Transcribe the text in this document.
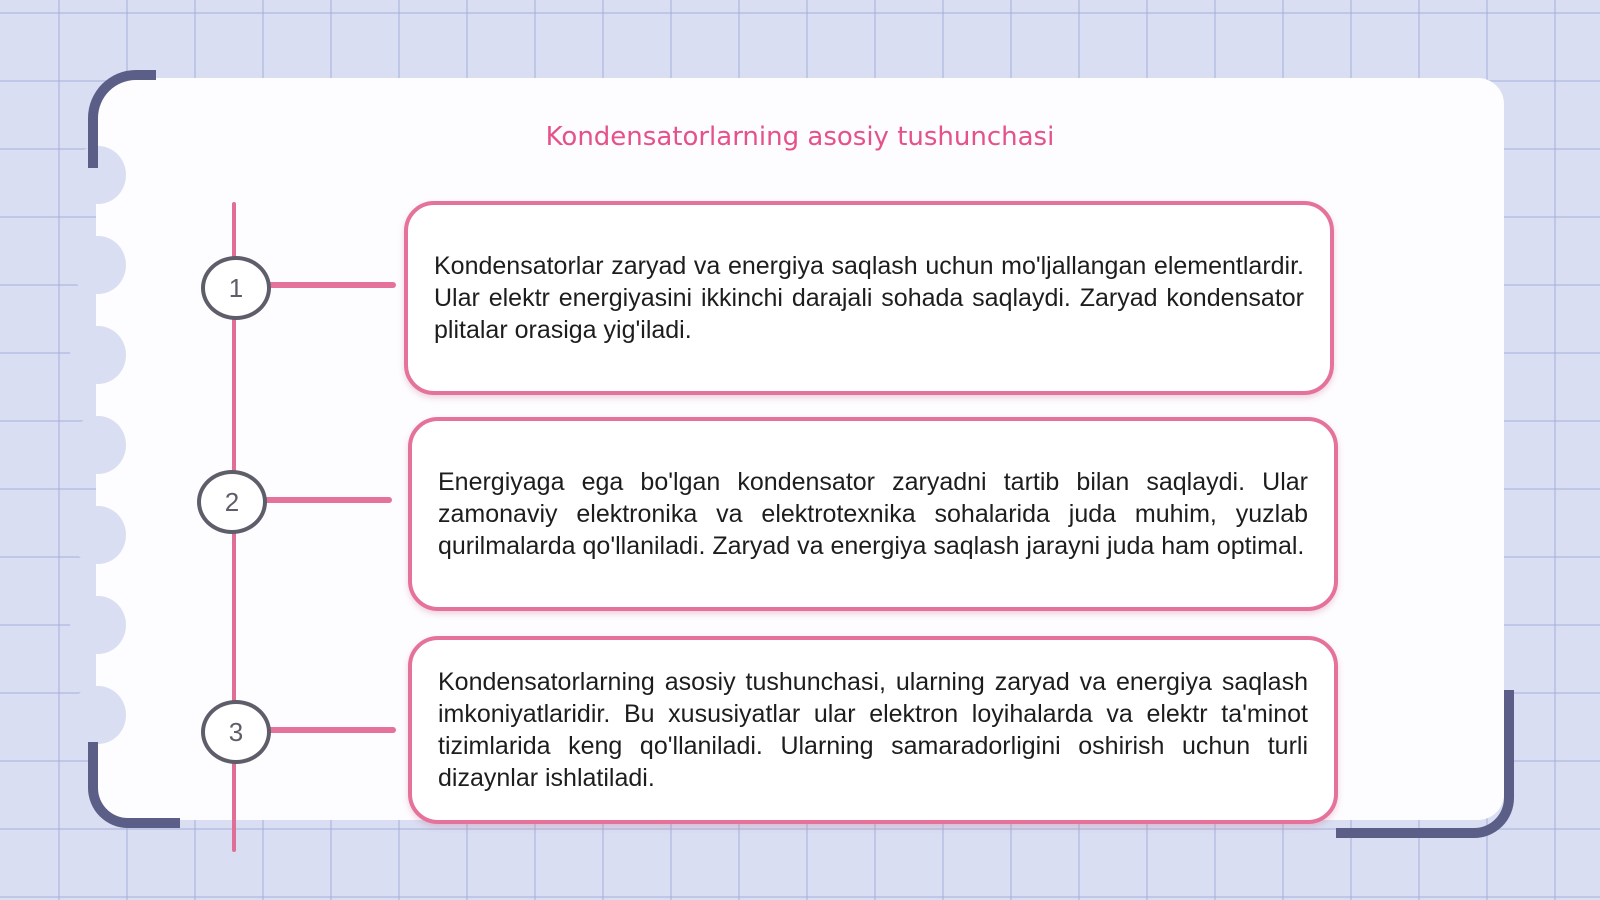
Kondensatorlarning asosiy tushunchasi
1
2
3

Kondensatorlar zaryad va energiya saqlash uchun mo'ljallangan elementlardir. Ular elektr energiyasini ikkinchi darajali sohada saqlaydi. Zaryad kondensator plitalar orasiga yig'iladi.

Energiyaga ega bo'lgan kondensator zaryadni tartib bilan saqlaydi. Ular zamonaviy elektronika va elektrotexnika sohalarida juda muhim, yuzlab qurilmalarda qo'llaniladi. Zaryad va energiya saqlash jarayni juda ham optimal.

Kondensatorlarning asosiy tushunchasi, ularning zaryad va energiya saqlash imkoniyatlaridir. Bu xususiyatlar ular elektron loyihalarda va elektr ta'minot tizimlarida keng qo'llaniladi. Ularning samaradorligini oshirish uchun turli dizaynlar ishlatiladi.
